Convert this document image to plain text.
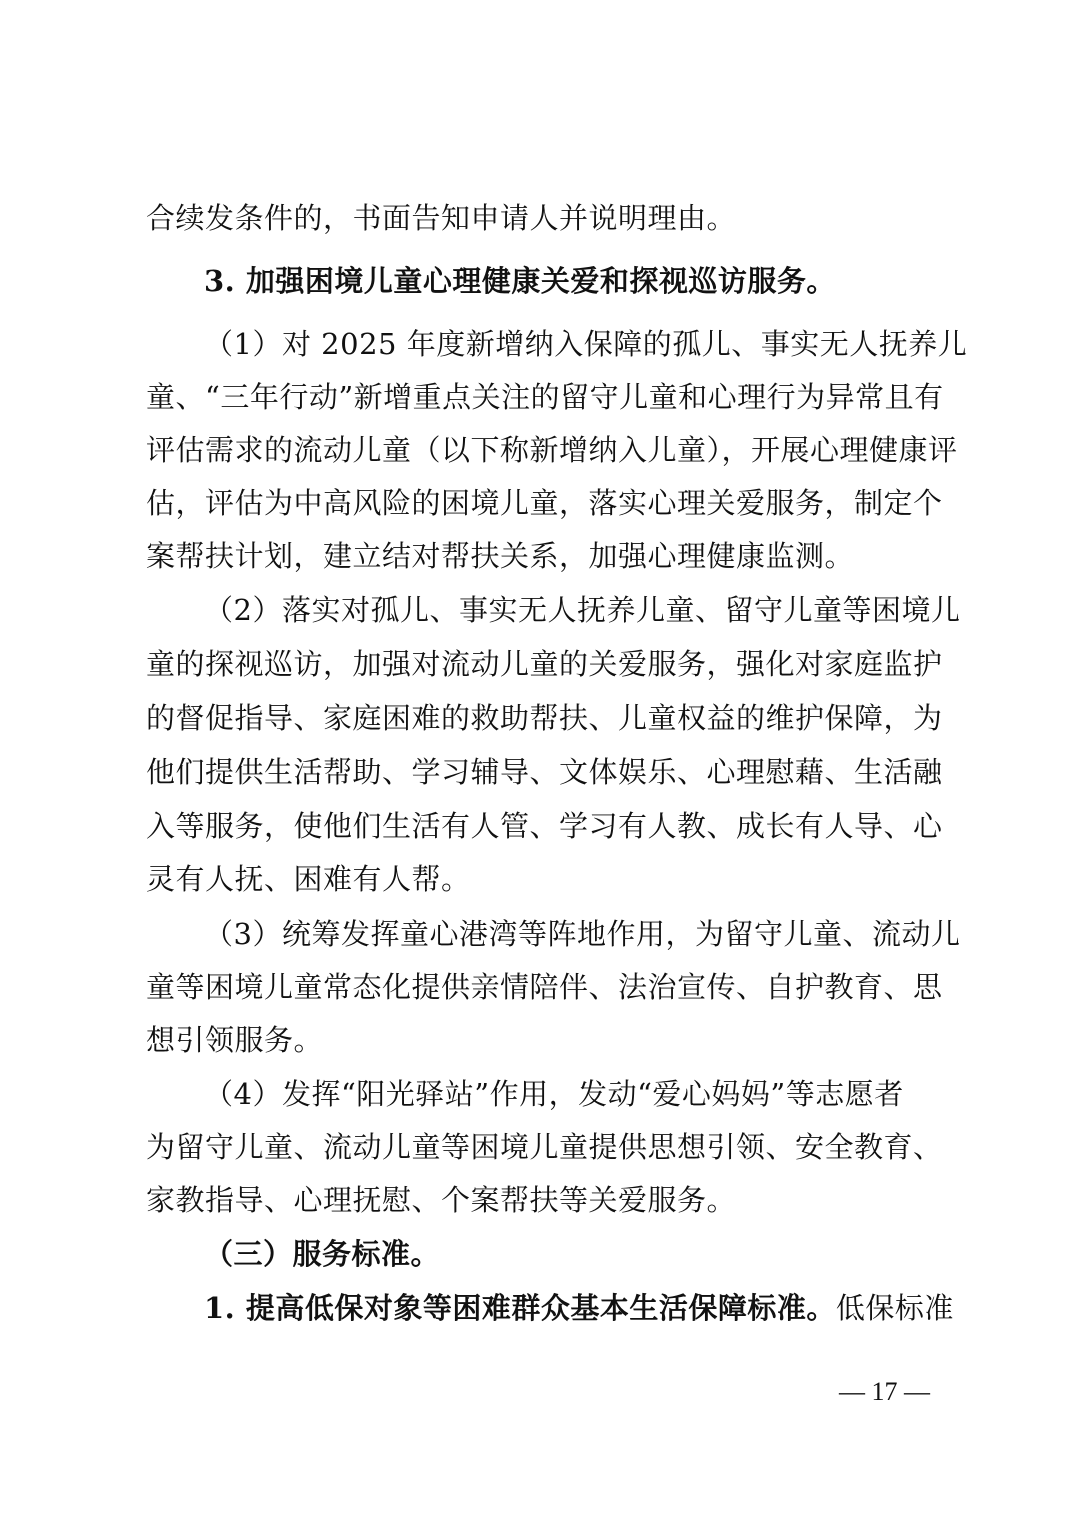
合续发条件的，书面告知申请人并说明理由。
3. 加强困境儿童心理健康关爱和探视巡访服务。
（1）对 2025 年度新增纳入保障的孤儿、事实无人抚养儿
童、“三年行动”新增重点关注的留守儿童和心理行为异常且有
评估需求的流动儿童（以下称新增纳入儿童），开展心理健康评
估，评估为中高风险的困境儿童，落实心理关爱服务，制定个
案帮扶计划，建立结对帮扶关系，加强心理健康监测。
（2）落实对孤儿、事实无人抚养儿童、留守儿童等困境儿
童的探视巡访，加强对流动儿童的关爱服务，强化对家庭监护
的督促指导、家庭困难的救助帮扶、儿童权益的维护保障，为
他们提供生活帮助、学习辅导、文体娱乐、心理慰藉、生活融
入等服务，使他们生活有人管、学习有人教、成长有人导、心
灵有人抚、困难有人帮。
（3）统筹发挥童心港湾等阵地作用，为留守儿童、流动儿
童等困境儿童常态化提供亲情陪伴、法治宣传、自护教育、思
想引领服务。
（4）发挥“阳光驿站”作用，发动“爱心妈妈”等志愿者
为留守儿童、流动儿童等困境儿童提供思想引领、安全教育、
家教指导、心理抚慰、个案帮扶等关爱服务。
（三）服务标准。
1. 提高低保对象等困难群众基本生活保障标准。低保标准
— 17 —
